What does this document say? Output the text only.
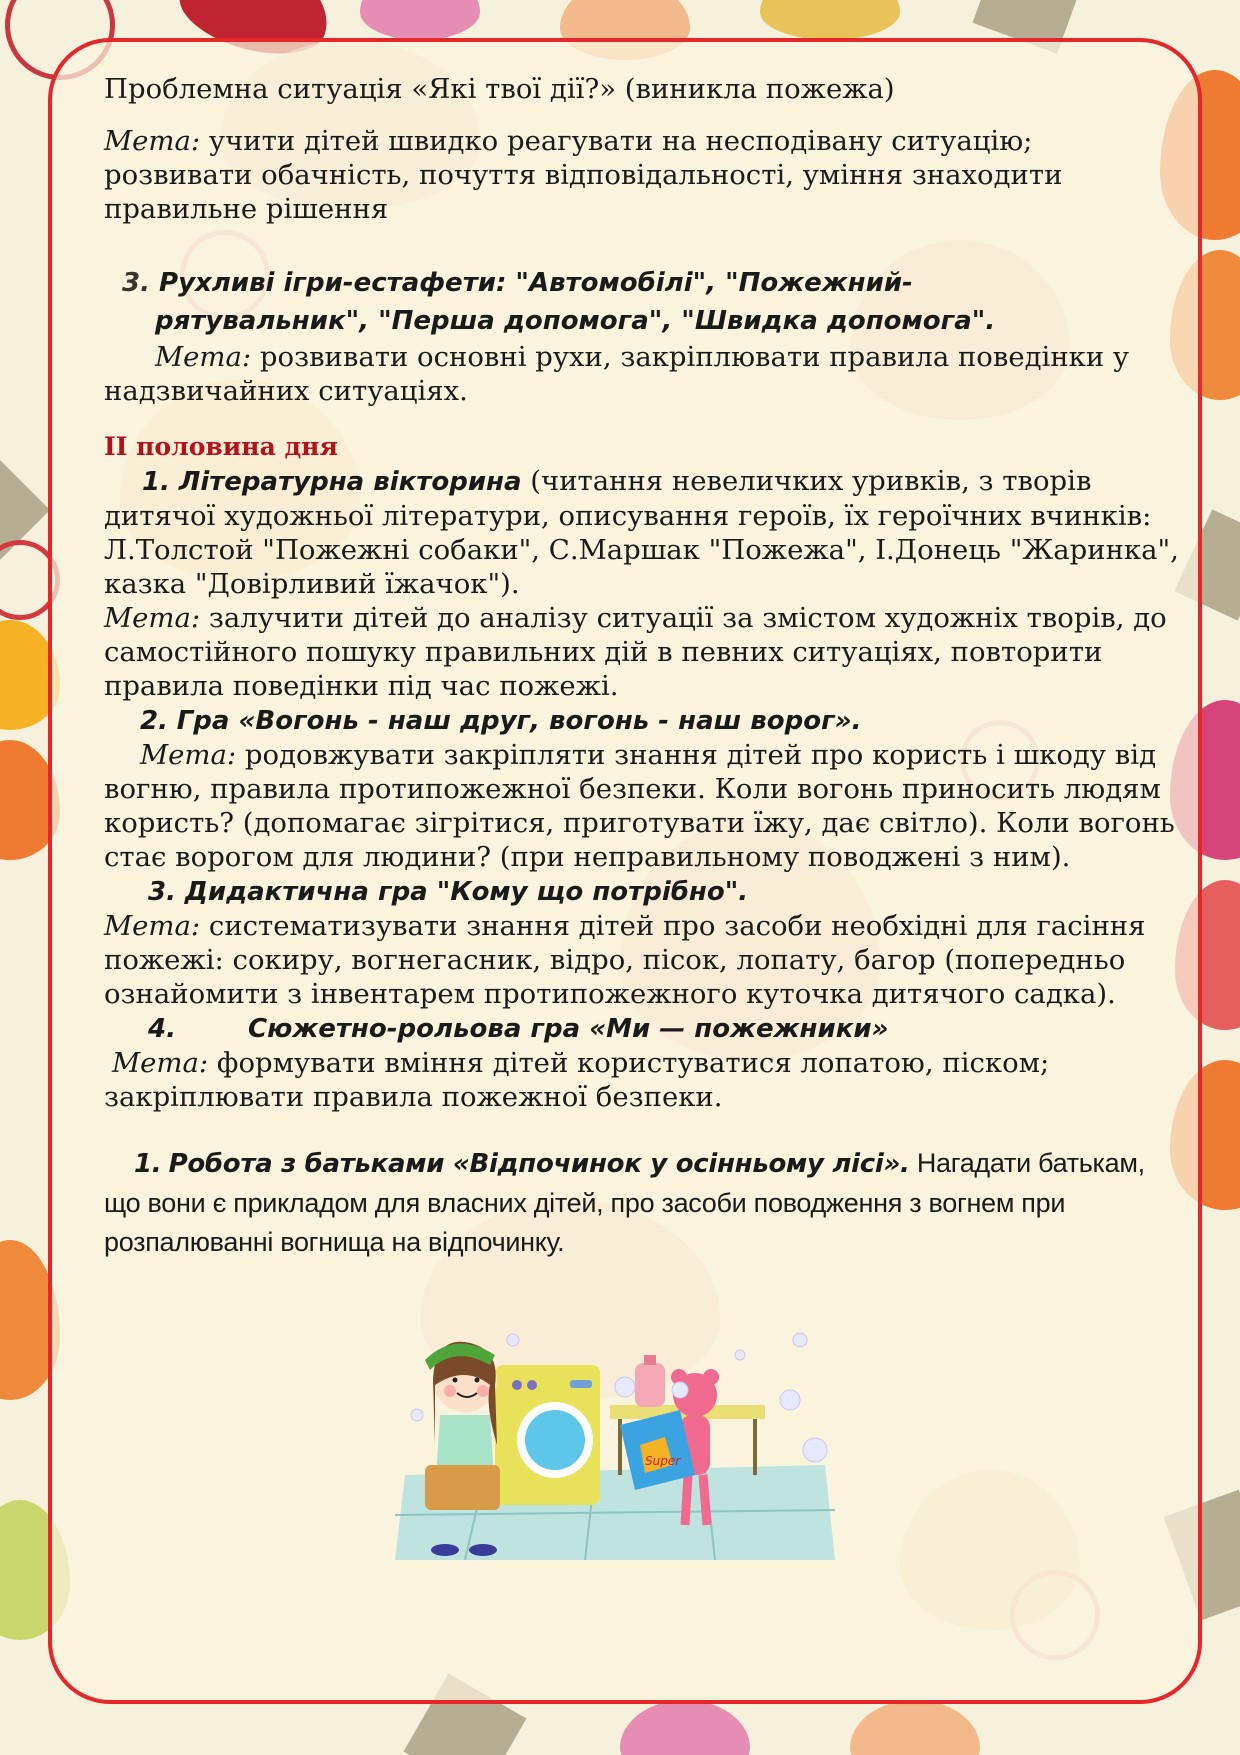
Проблемна ситуація «Які твої дії?» (виникла пожежа)

Мета: учити дітей швидко реагувати на несподівану ситуацію; розвивати обачність, почуття відповідальності, уміння знаходити правильне рішення

3. Рухливі ігри-естафети: "Автомобілі", "Пожежний-

рятувальник", "Перша допомога", "Швидка допомога".

Мета: розвивати основні рухи, закріплювати правила поведінки у надзвичайних ситуаціях.

ІІ половина дня

1. Літературна вікторина (читання невеличких уривків, з творів дитячої художньої літератури, описування героїв, їх героїчних вчинків: Л.Толстой "Пожежні собаки", С.Маршак "Пожежа", І.Донець "Жаринка", казка "Довірливий їжачок").

Мета: залучити дітей до аналізу ситуації за змістом художніх творів, до самостійного пошуку правильних дій в певних ситуаціях, повторити правила поведінки під час пожежі.

2. Гра «Вогонь - наш друг, вогонь - наш ворог».

Мета: родовжувати закріпляти знання дітей про користь і шкоду від вогню, правила протипожежної безпеки. Коли вогонь приносить людям користь? (допомагає зігрітися, приготувати їжу, дає світло). Коли вогонь стає ворогом для людини? (при неправильному поводжені з ним).

3. Дидактична гра "Кому що потрібно".

Мета: систематизувати знання дітей про засоби необхідні для гасіння пожежі: сокиру, вогнегасник, відро, пісок, лопату, багор (попередньо ознайомити з інвентарем протипожежного куточка дитячого садка).

4.	Сюжетно-рольова гра «Ми — пожежники»

Мета: формувати вміння дітей користуватися лопатою, піском; закріплювати правила пожежної безпеки.

1. Робота з батьками «Відпочинок у осінньому лісі». Нагадати батькам, що вони є прикладом для власних дітей, про засоби поводження з вогнем при розпалюванні вогнища на відпочинку.

Super
